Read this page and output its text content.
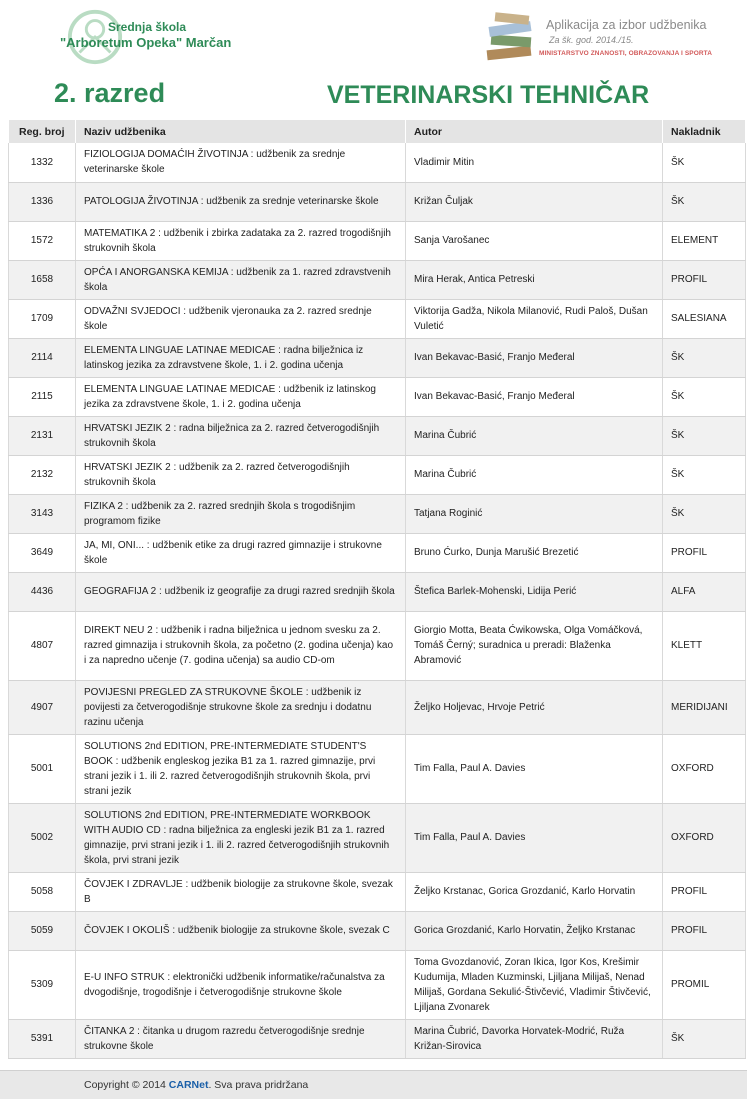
Srednja škola
"Arboretum Opeka" Marčan
Aplikacija za izbor udžbenika
Za šk. god. 2014./15.
MINISTARSTVO ZNANOSTI, OBRAZOVANJA I SPORTA
2. razred	VETERINARSKI TEHNIČAR
Reg. broj	Naziv udžbenika	Autor	Nakladnik
1332	FIZIOLOGIJA DOMAĆIH ŽIVOTINJA : udžbenik za srednje veterinarske škole	Vladimir Mitin	ŠK
1336	PATOLOGIJA ŽIVOTINJA : udžbenik za srednje veterinarske škole	Križan Čuljak	ŠK
1572	MATEMATIKA 2 : udžbenik i zbirka zadataka za 2. razred trogodišnjih strukovnih škola	Sanja Varošanec	ELEMENT
1658	OPĆA I ANORGANSKA KEMIJA : udžbenik za 1. razred zdravstvenih škola	Mira Herak, Antica Petreski	PROFIL
1709	ODVAŽNI SVJEDOCI : udžbenik vjeronauka za 2. razred srednje škole	Viktorija Gadža, Nikola Milanović, Rudi Paloš, Dušan Vuletić	SALESIANA
2114	ELEMENTA LINGUAE LATINAE MEDICAE : radna bilježnica iz latinskog jezika za zdravstvene škole, 1. i 2. godina učenja	Ivan Bekavac-Basić, Franjo Međeral	ŠK
2115	ELEMENTA LINGUAE LATINAE MEDICAE : udžbenik iz latinskog jezika za zdravstvene škole, 1. i 2. godina učenja	Ivan Bekavac-Basić, Franjo Međeral	ŠK
2131	HRVATSKI JEZIK 2 : radna bilježnica za 2. razred četverogodišnjih strukovnih škola	Marina Čubrić	ŠK
2132	HRVATSKI JEZIK 2 : udžbenik za 2. razred četverogodišnjih strukovnih škola	Marina Čubrić	ŠK
3143	FIZIKA 2 : udžbenik za 2. razred srednjih škola s trogodišnjim programom fizike	Tatjana Roginić	ŠK
3649	JA, MI, ONI... : udžbenik etike za drugi razred gimnazije i strukovne škole	Bruno Ćurko, Dunja Marušić Brezetić	PROFIL
4436	GEOGRAFIJA 2 : udžbenik iz geografije za drugi razred srednjih škola	Štefica Barlek-Mohenski, Lidija Perić	ALFA
4807	DIREKT NEU 2 : udžbenik i radna bilježnica u jednom svesku za 2. razred gimnazija i strukovnih škola, za početno (2. godina učenja) kao i za napredno učenje (7. godina učenja) sa audio CD-om	Giorgio Motta, Beata Ćwikowska, Olga Vomáčková, Tomáš Černý; suradnica u preradi: Blaženka Abramović	KLETT
4907	POVIJESNI PREGLED ZA STRUKOVNE ŠKOLE : udžbenik iz povijesti za četverogodišnje strukovne škole za srednju i dodatnu razinu učenja	Željko Holjevac, Hrvoje Petrić	MERIDIJANI
5001	SOLUTIONS 2nd EDITION, PRE-INTERMEDIATE STUDENT'S BOOK : udžbenik engleskog jezika B1 za 1. razred gimnazije, prvi strani jezik i 1. ili 2. razred četverogodišnjih strukovnih škola, prvi strani jezik	Tim Falla, Paul A. Davies	OXFORD
5002	SOLUTIONS 2nd EDITION, PRE-INTERMEDIATE WORKBOOK WITH AUDIO CD : radna bilježnica za engleski jezik B1 za 1. razred gimnazije, prvi strani jezik i 1. ili 2. razred četverogodišnjih strukovnih škola, prvi strani jezik	Tim Falla, Paul A. Davies	OXFORD
5058	ČOVJEK I ZDRAVLJE : udžbenik biologije za strukovne škole, svezak B	Željko Krstanac, Gorica Grozdanić, Karlo Horvatin	PROFIL
5059	ČOVJEK I OKOLIŠ : udžbenik biologije za strukovne škole, svezak C	Gorica Grozdanić, Karlo Horvatin, Željko Krstanac	PROFIL
5309	E-U INFO STRUK : elektronički udžbenik informatike/računalstva za dvogodišnje, trogodišnje i četverogodišnje strukovne škole	Toma Gvozdanović, Zoran Ikica, Igor Kos, Krešimir Kudumija, Mladen Kuzminski, Ljiljana Milijaš, Nenad Milijaš, Gordana Sekulić-Štivčević, Vladimir Štivčević, Ljiljana Zvonarek	PROMIL
5391	ČITANKA 2 : čitanka u drugom razredu četverogodišnje srednje strukovne škole	Marina Čubrić, Davorka Horvatek-Modrić, Ruža Križan-Sirovica	ŠK
Copyright © 2014 CARNet. Sva prava pridržana
